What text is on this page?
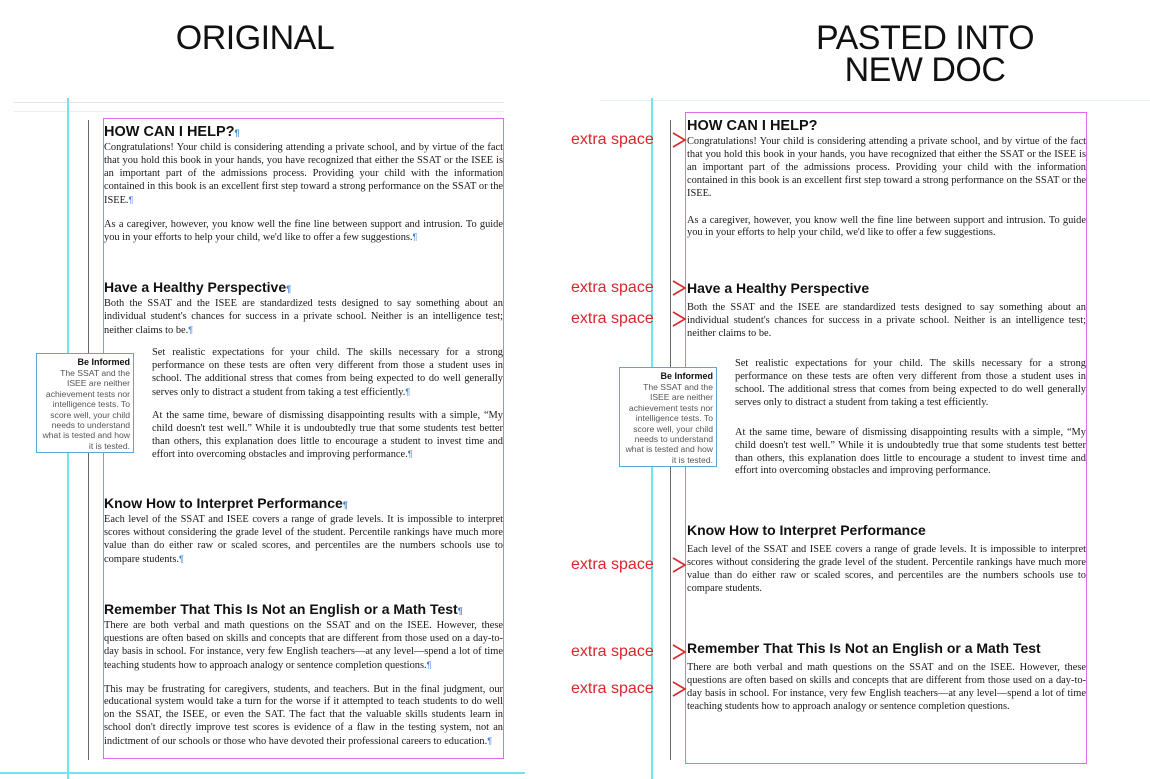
ORIGINAL	PASTED INTO
NEW DOC
HOW CAN I HELP?¶
Congratulations! Your child is considering attending a private school, and by virtue of the fact that you hold this book in your hands, you have recognized that either the SSAT or the ISEE is an important part of the admissions process. Providing your child with the information contained in this book is an excellent first step toward a strong performance on the SSAT or the ISEE.¶
As a caregiver, however, you know well the fine line between support and intrusion. To guide you in your efforts to help your child, we'd like to offer a few suggestions.¶
Have a Healthy Perspective¶
Both the SSAT and the ISEE are standardized tests designed to say something about an individual student's chances for success in a private school. Neither is an intelligence test; neither claims to be.¶
Set realistic expectations for your child. The skills necessary for a strong performance on these tests are often very different from those a student uses in school. The additional stress that comes from being expected to do well generally serves only to distract a student from taking a test efficiently.¶
At the same time, beware of dismissing disappointing results with a simple, “My child doesn't test well.” While it is undoubtedly true that some students test better than others, this explanation does little to encourage a student to invest time and effort into overcoming obstacles and improving performance.¶
Know How to Interpret Performance¶
Each level of the SSAT and ISEE covers a range of grade levels. It is impossible to interpret scores without considering the grade level of the student. Percentile rankings have much more value than do either raw or scaled scores, and percentiles are the numbers schools use to compare students.¶
Remember That This Is Not an English or a Math Test¶
There are both verbal and math questions on the SSAT and on the ISEE. However, these questions are often based on skills and concepts that are different from those used on a day-to-day basis in school. For instance, very few English teachers—at any level—spend a lot of time teaching students how to approach analogy or sentence completion questions.¶
This may be frustrating for caregivers, students, and teachers. But in the final judgment, our educational system would take a turn for the worse if it attempted to teach students to do well on the SSAT, the ISEE, or even the SAT. The fact that the valuable skills students learn in school don't directly improve test scores is evidence of a flaw in the testing system, not an indictment of our schools or those who have devoted their professional careers to education.¶
Be Informed
The SSAT and the ISEE are neither achievement tests nor intelligence tests. To score well, your child needs to understand what is tested and how it is tested.
HOW CAN I HELP?
Congratulations! Your child is considering attending a private school, and by virtue of the fact that you hold this book in your hands, you have recognized that either the SSAT or the ISEE is an important part of the admissions process. Providing your child with the information contained in this book is an excellent first step toward a strong performance on the SSAT or the ISEE.
As a caregiver, however, you know well the fine line between support and intrusion. To guide you in your efforts to help your child, we'd like to offer a few suggestions.
Have a Healthy Perspective
Both the SSAT and the ISEE are standardized tests designed to say something about an individual student's chances for success in a private school. Neither is an intelligence test; neither claims to be.
Set realistic expectations for your child. The skills necessary for a strong performance on these tests are often very different from those a student uses in school. The additional stress that comes from being expected to do well generally serves only to distract a student from taking a test efficiently.
At the same time, beware of dismissing disappointing results with a simple, “My child doesn't test well.” While it is undoubtedly true that some students test better than others, this explanation does little to encourage a student to invest time and effort into overcoming obstacles and improving performance.
Know How to Interpret Performance
Each level of the SSAT and ISEE covers a range of grade levels. It is impossible to interpret scores without considering the grade level of the student. Percentile rankings have much more value than do either raw or scaled scores, and percentiles are the numbers schools use to compare students.
Remember That This Is Not an English or a Math Test
There are both verbal and math questions on the SSAT and on the ISEE. However, these questions are often based on skills and concepts that are different from those used on a day-to-day basis in school. For instance, very few English teachers—at any level—spend a lot of time teaching students how to approach analogy or sentence completion questions.
Be Informed
The SSAT and the ISEE are neither achievement tests nor intelligence tests. To score well, your child needs to understand what is tested and how it is tested.
extra space
extra space
extra space
extra space
extra space
extra space
